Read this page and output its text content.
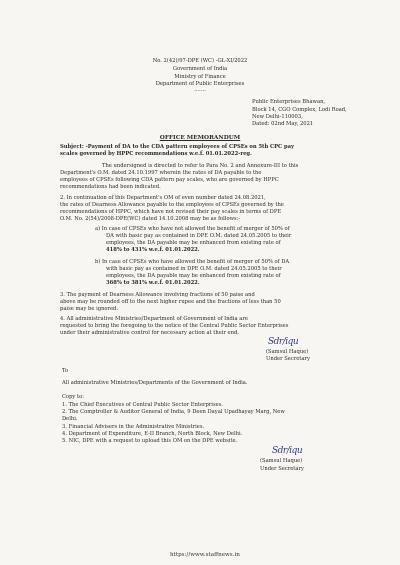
No. 2(42)/97-DPE (WC) -GL-XI/2022
Government of India
Ministry of Finance
Department of Public Enterprises
.......
Public Enterprises Bhawan,
Block 14, CGO Complex, Lodi Road,
New Delhi-110003,
Dated: 02nd May, 2021
OFFICE MEMORANDUM
Subject: -Payment of DA to the CDA pattern employees of CPSEs on 5th CPC pay
scales governed by HPPC recommendations w.e.f. 01.01.2022-reg.
The undersigned is directed to refer to Para No. 2 and Annexure-III to this
Department's O.M. dated 24.10.1997 wherein the rates of DA payable to the
employees of CPSEs following CDA pattern pay scales, who are governed by HPPC
recommendations had been indicated.
2. In continuation of this Department's OM of even number dated 24.08.2021,
the rates of Dearness Allowance payable to the employees of CPSEs governed by the
recommendations of HPPC, which have not revised their pay scales in terms of DPE
O.M. No. 2(54)/2008-DPE(WC) dated 14.10.2008 may be as follows:-
a) In case of CPSEs who have not allowed the benefit of merger of 50% of
DA with basic pay as contained in DPE O.M. dated 24.05.2005 to their
employees, the DA payable may be enhanced from existing rate of
418% to 431% w.e.f. 01.01.2022.
b) In case of CPSEs who have allowed the benefit of merger of 50% of DA
with basic pay as contained in DPE O.M. dated 24.05.2005 to their
employees, the DA payable may be enhanced from existing rate of
368% to 381% w.e.f. 01.01.2022.
3. The payment of Dearness Allowance involving fractions of 50 paise and
above may be rounded off to the next higher rupee and the fractions of less than 50
paise may be ignored.
4. All administrative Ministries/Department of Government of India are
requested to bring the foregoing to the notice of the Central Public Sector Enterprises
under their administrative control for necessary action at their end.
Sdr/iqu
(Samsul Haque)
Under Secretary
To
All administrative Ministries/Departments of the Government of India.
Copy to:
1. The Chief Executives of Central Public Sector Enterprises.
2. The Comptroller & Auditor General of India, 9 Deen Dayal Upadhayay Marg, New
Delhi.
3. Financial Advisers in the Administrative Ministries.
4. Department of Expenditure, E-II Branch, North Block, New Delhi.
5. NIC, DPE with a request to upload this OM on the DPE website.
Sdr/iqu
(Samsul Haque)
Under Secretary
https://www.staffnews.in
